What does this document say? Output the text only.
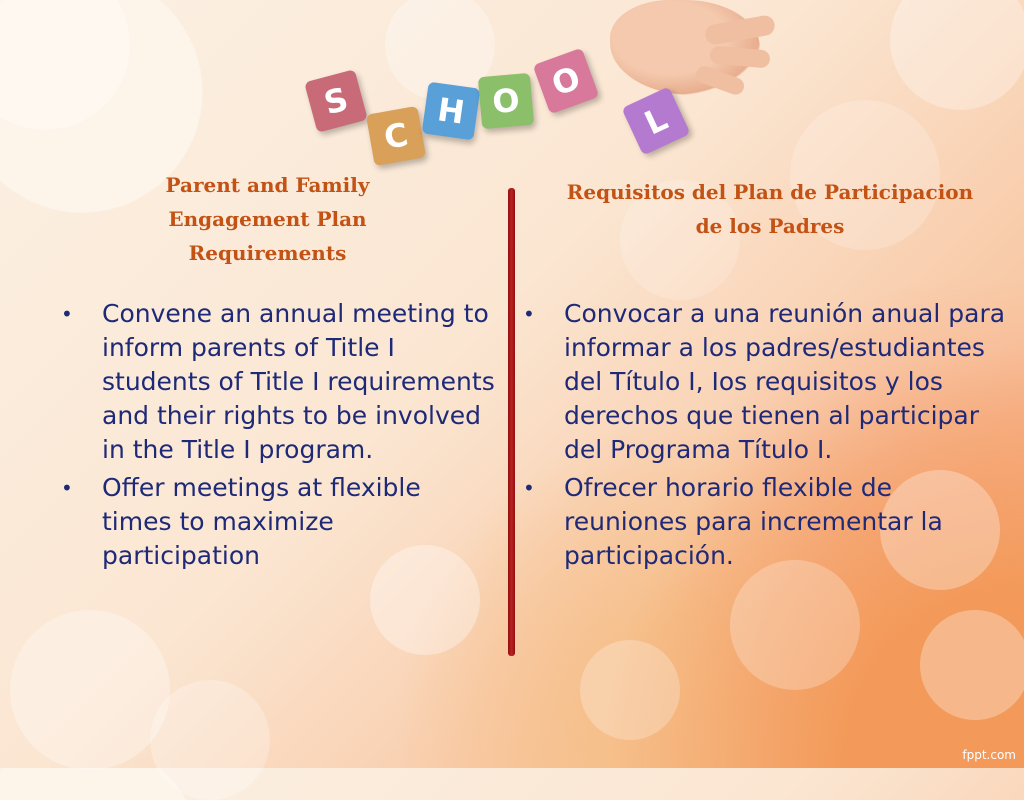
S
C
H O O
L
Parent and Family Engagement Plan Requirements
• Convene an annual meeting to inform parents of Title I students of Title I requirements and their rights to be involved in the Title I program.
• Offer meetings at flexible times to maximize participation
Requisitos del Plan de Participacion de los Padres
• Convocar a una reunión anual para informar a los padres/estudiantes del Título I, Ios requisitos y los derechos que tienen al participar del Programa Título I.
• Ofrecer horario flexible de reuniones para incrementar la participación.
fppt.com
